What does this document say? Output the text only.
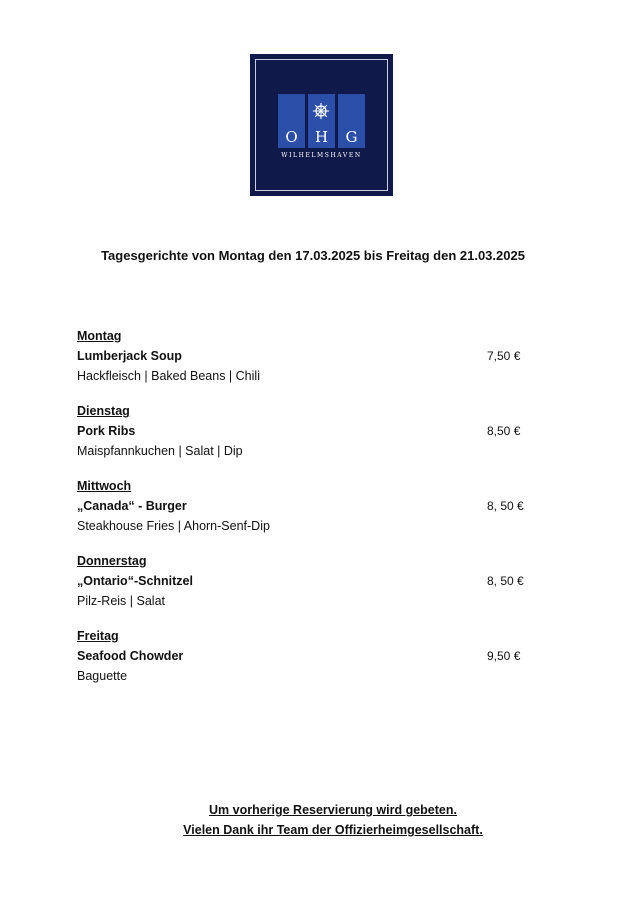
O	H	G
WILHELMSHAVEN
Tagesgerichte von Montag den 17.03.2025 bis Freitag den 21.03.2025
Montag
Lumberjack Soup	7,50 €
Hackfleisch | Baked Beans | Chili
Dienstag
Pork Ribs	8,50 €
Maispfannkuchen | Salat | Dip
Mittwoch
„Canada“ - Burger	8, 50 €
Steakhouse Fries | Ahorn-Senf-Dip
Donnerstag
„Ontario“-Schnitzel	8, 50 €
Pilz-Reis | Salat
Freitag
Seafood Chowder	9,50 €
Baguette
Um vorherige Reservierung wird gebeten.
Vielen Dank ihr Team der Offizierheimgesellschaft.
